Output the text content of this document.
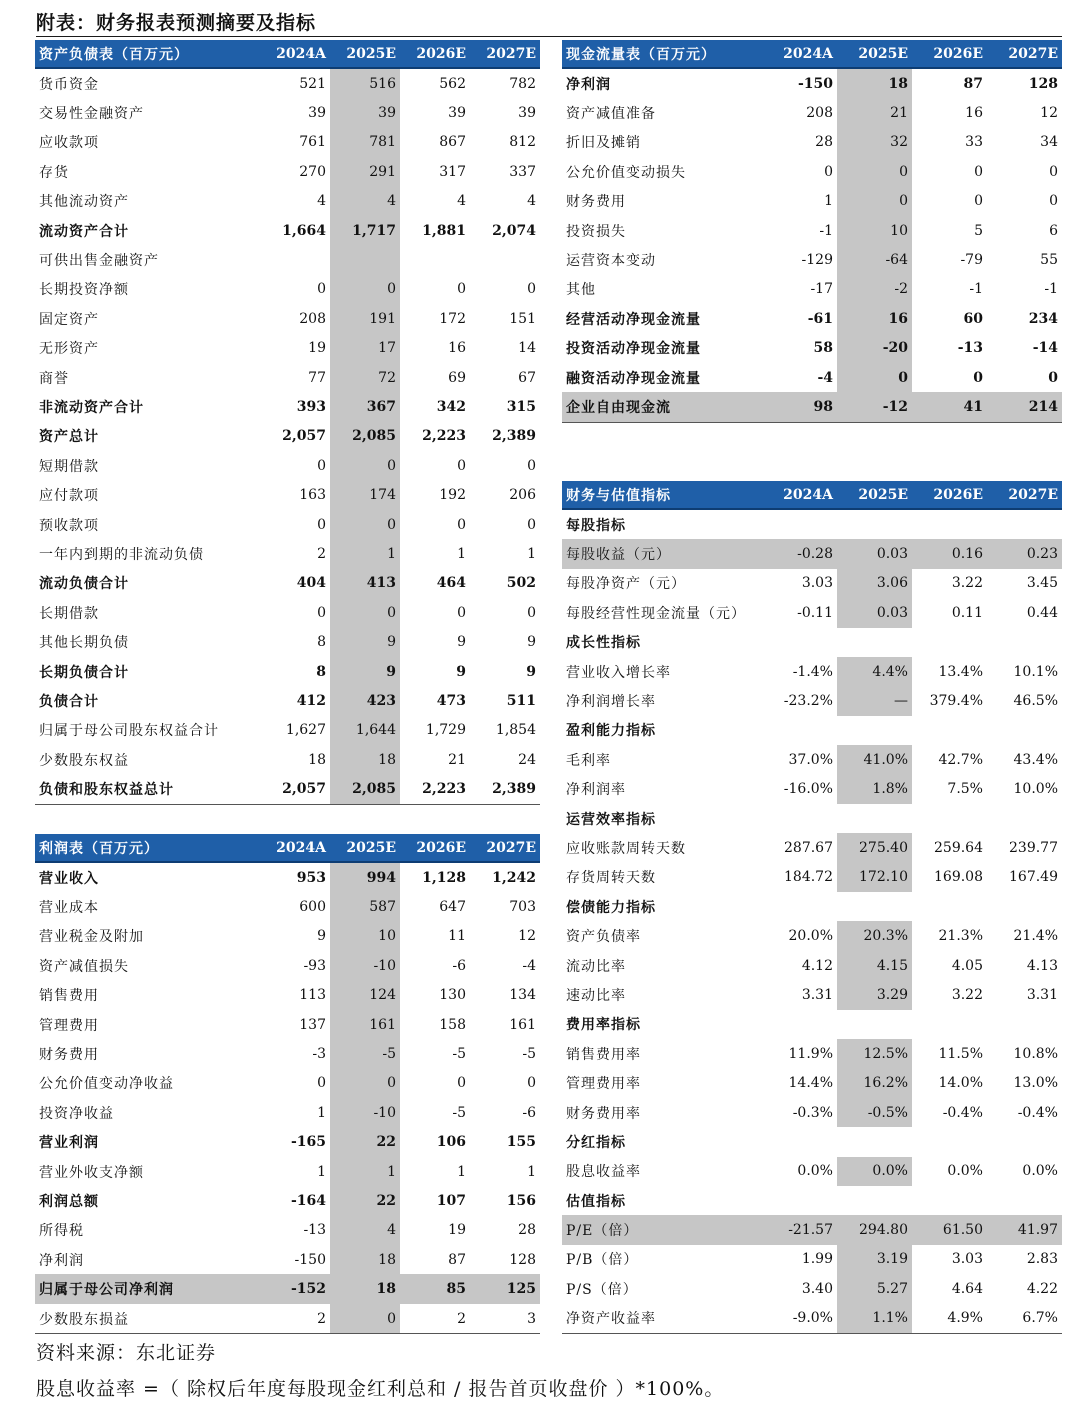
附表：财务报表预测摘要及指标
资产负债表（百万元）	2024A	2025E	2026E	2027E
货币资金	521	516	562	782
交易性金融资产	39	39	39	39
应收款项	761	781	867	812
存货	270	291	317	337
其他流动资产	4	4	4	4
流动资产合计	1,664	1,717	1,881	2,074
可供出售金融资产				
长期投资净额	0	0	0	0
固定资产	208	191	172	151
无形资产	19	17	16	14
商誉	77	72	69	67
非流动资产合计	393	367	342	315
资产总计	2,057	2,085	2,223	2,389
短期借款	0	0	0	0
应付款项	163	174	192	206
预收款项	0	0	0	0
一年内到期的非流动负债	2	1	1	1
流动负债合计	404	413	464	502
长期借款	0	0	0	0
其他长期负债	8	9	9	9
长期负债合计	8	9	9	9
负债合计	412	423	473	511
归属于母公司股东权益合计	1,627	1,644	1,729	1,854
少数股东权益	18	18	21	24
负债和股东权益总计	2,057	2,085	2,223	2,389
利润表（百万元）	2024A	2025E	2026E	2027E
营业收入	953	994	1,128	1,242
营业成本	600	587	647	703
营业税金及附加	9	10	11	12
资产减值损失	-93	-10	-6	-4
销售费用	113	124	130	134
管理费用	137	161	158	161
财务费用	-3	-5	-5	-5
公允价值变动净收益	0	0	0	0
投资净收益	1	-10	-5	-6
营业利润	-165	22	106	155
营业外收支净额	1	1	1	1
利润总额	-164	22	107	156
所得税	-13	4	19	28
净利润	-150	18	87	128
归属于母公司净利润	-152	18	85	125
少数股东损益	2	0	2	3
现金流量表（百万元）	2024A	2025E	2026E	2027E
净利润	-150	18	87	128
资产减值准备	208	21	16	12
折旧及摊销	28	32	33	34
公允价值变动损失	0	0	0	0
财务费用	1	0	0	0
投资损失	-1	10	5	6
运营资本变动	-129	-64	-79	55
其他	-17	-2	-1	-1
经营活动净现金流量	-61	16	60	234
投资活动净现金流量	58	-20	-13	-14
融资活动净现金流量	-4	0	0	0
企业自由现金流	98	-12	41	214
财务与估值指标	2024A	2025E	2026E	2027E
每股指标				
每股收益（元）	-0.28	0.03	0.16	0.23
每股净资产（元）	3.03	3.06	3.22	3.45
每股经营性现金流量（元）	-0.11	0.03	0.11	0.44
成长性指标				
营业收入增长率	-1.4%	4.4%	13.4%	10.1%
净利润增长率	-23.2%	—	379.4%	46.5%
盈利能力指标				
毛利率	37.0%	41.0%	42.7%	43.4%
净利润率	-16.0%	1.8%	7.5%	10.0%
运营效率指标				
应收账款周转天数	287.67	275.40	259.64	239.77
存货周转天数	184.72	172.10	169.08	167.49
偿债能力指标				
资产负债率	20.0%	20.3%	21.3%	21.4%
流动比率	4.12	4.15	4.05	4.13
速动比率	3.31	3.29	3.22	3.31
费用率指标				
销售费用率	11.9%	12.5%	11.5%	10.8%
管理费用率	14.4%	16.2%	14.0%	13.0%
财务费用率	-0.3%	-0.5%	-0.4%	-0.4%
分红指标				
股息收益率	0.0%	0.0%	0.0%	0.0%
估值指标				
P/E（倍）	-21.57	294.80	61.50	41.97
P/B（倍）	1.99	3.19	3.03	2.83
P/S（倍）	3.40	5.27	4.64	4.22
净资产收益率	-9.0%	1.1%	4.9%	6.7%
资料来源：东北证券
股息收益率 =（ 除权后年度每股现金红利总和 / 报告首页收盘价 ）*100%。
